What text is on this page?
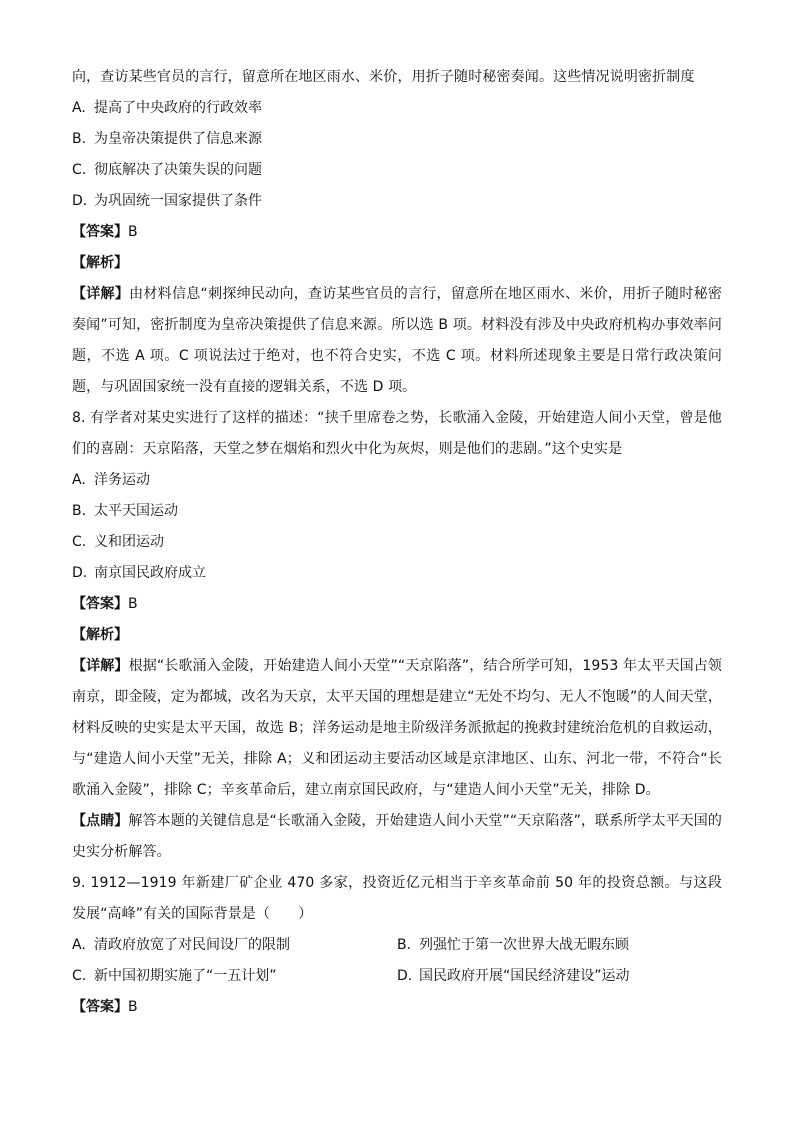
向，查访某些官员的言行，留意所在地区雨水、米价，用折子随时秘密奏闻。这些情况说明密折制度
A. 提高了中央政府的行政效率
B. 为皇帝决策提供了信息来源
C. 彻底解决了决策失误的问题
D. 为巩固统一国家提供了条件
【答案】B
【解析】
【详解】由材料信息“刺探绅民动向，查访某些官员的言行，留意所在地区雨水、米价，用折子随时秘密奏闻”可知，密折制度为皇帝决策提供了信息来源。所以选 B 项。材料没有涉及中央政府机构办事效率问题，不选 A 项。C 项说法过于绝对，也不符合史实，不选 C 项。材料所述现象主要是日常行政决策问题，与巩固国家统一没有直接的逻辑关系，不选 D 项。
8. 有学者对某史实进行了这样的描述：“挟千里席卷之势，长歌涌入金陵，开始建造人间小天堂，曾是他们的喜剧：天京陷落，天堂之梦在烟焰和烈火中化为灰烬，则是他们的悲剧。”这个史实是
A. 洋务运动
B. 太平天国运动
C. 义和团运动
D. 南京国民政府成立
【答案】B
【解析】
【详解】根据“长歌涌入金陵，开始建造人间小天堂”“天京陷落”，结合所学可知，1953 年太平天国占领南京，即金陵，定为都城，改名为天京，太平天国的理想是建立“无处不均匀、无人不饱暖”的人间天堂，材料反映的史实是太平天国，故选 B；洋务运动是地主阶级洋务派掀起的挽救封建统治危机的自救运动，与“建造人间小天堂”无关，排除 A；义和团运动主要活动区域是京津地区、山东、河北一带，不符合“长歌涌入金陵”，排除 C；辛亥革命后，建立南京国民政府，与“建造人间小天堂”无关，排除 D。
【点睛】解答本题的关键信息是“长歌涌入金陵，开始建造人间小天堂”“天京陷落”，联系所学太平天国的史实分析解答。
9. 1912—1919 年新建厂矿企业 470 多家，投资近亿元相当于辛亥革命前 50 年的投资总额。与这段发展“高峰”有关的国际背景是（　　）
A. 清政府放宽了对民间设厂的限制	B. 列强忙于第一次世界大战无暇东顾
C. 新中国初期实施了“一五计划”	D. 国民政府开展“国民经济建设”运动
【答案】B
